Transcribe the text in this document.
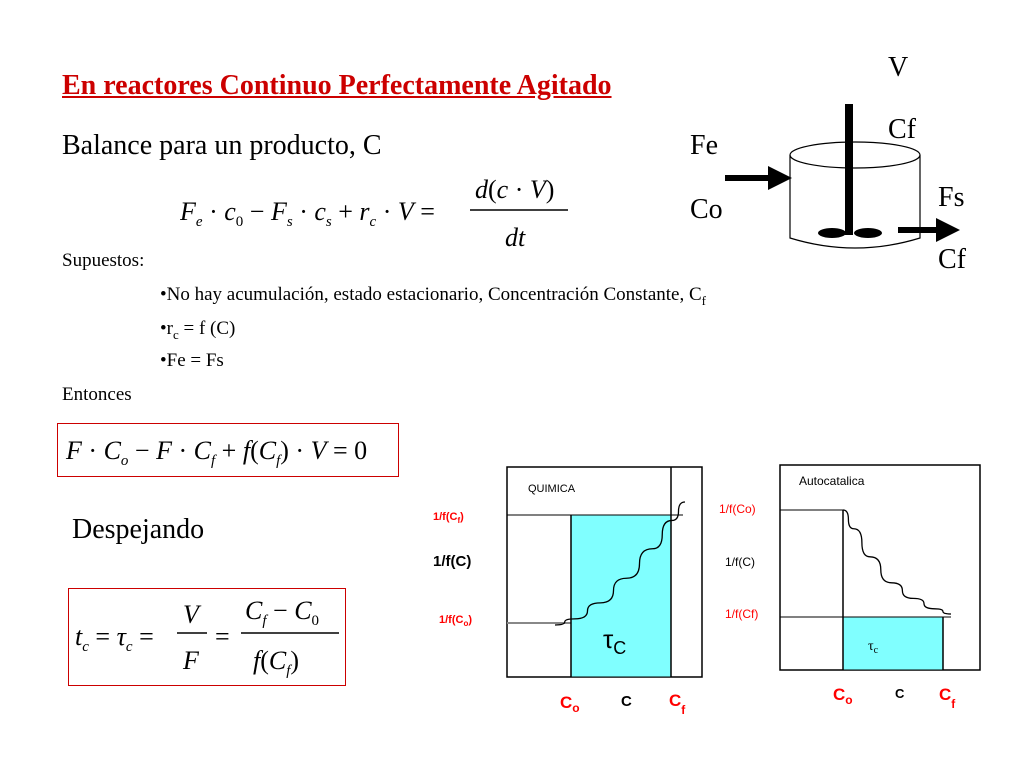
En reactores Continuo Perfectamente Agitado
Balance para un producto, C
$F_e \cdot c_0 - F_s \cdot c_s + r_c \cdot V$ =
d(c · V)
dt
Supuestos:
•No hay acumulación, estado estacionario, Concentración Constante, $C_f$
$•r_c = f$ (C)
•Fe = Fs
Entonces
$F \cdot C_o - F \cdot C_f + f(C_f) \cdot V = 0$
Despejando
$t_c = \tau_c$ =
V
F
=
$C_f - C_0$
$f(C_f)$
V
Cf
Fe
Co	Fs
Cf
QUIMICA
$1/f(C_f)$
1/f(C)
$1/f(C_o)$
$\tau_C$
$C_o$	C $C_f$
Autocatalica
1/f(Co)
1/f(C)
1/f(Cf)
$\tau_c$
$C_o$	C $C_f$
